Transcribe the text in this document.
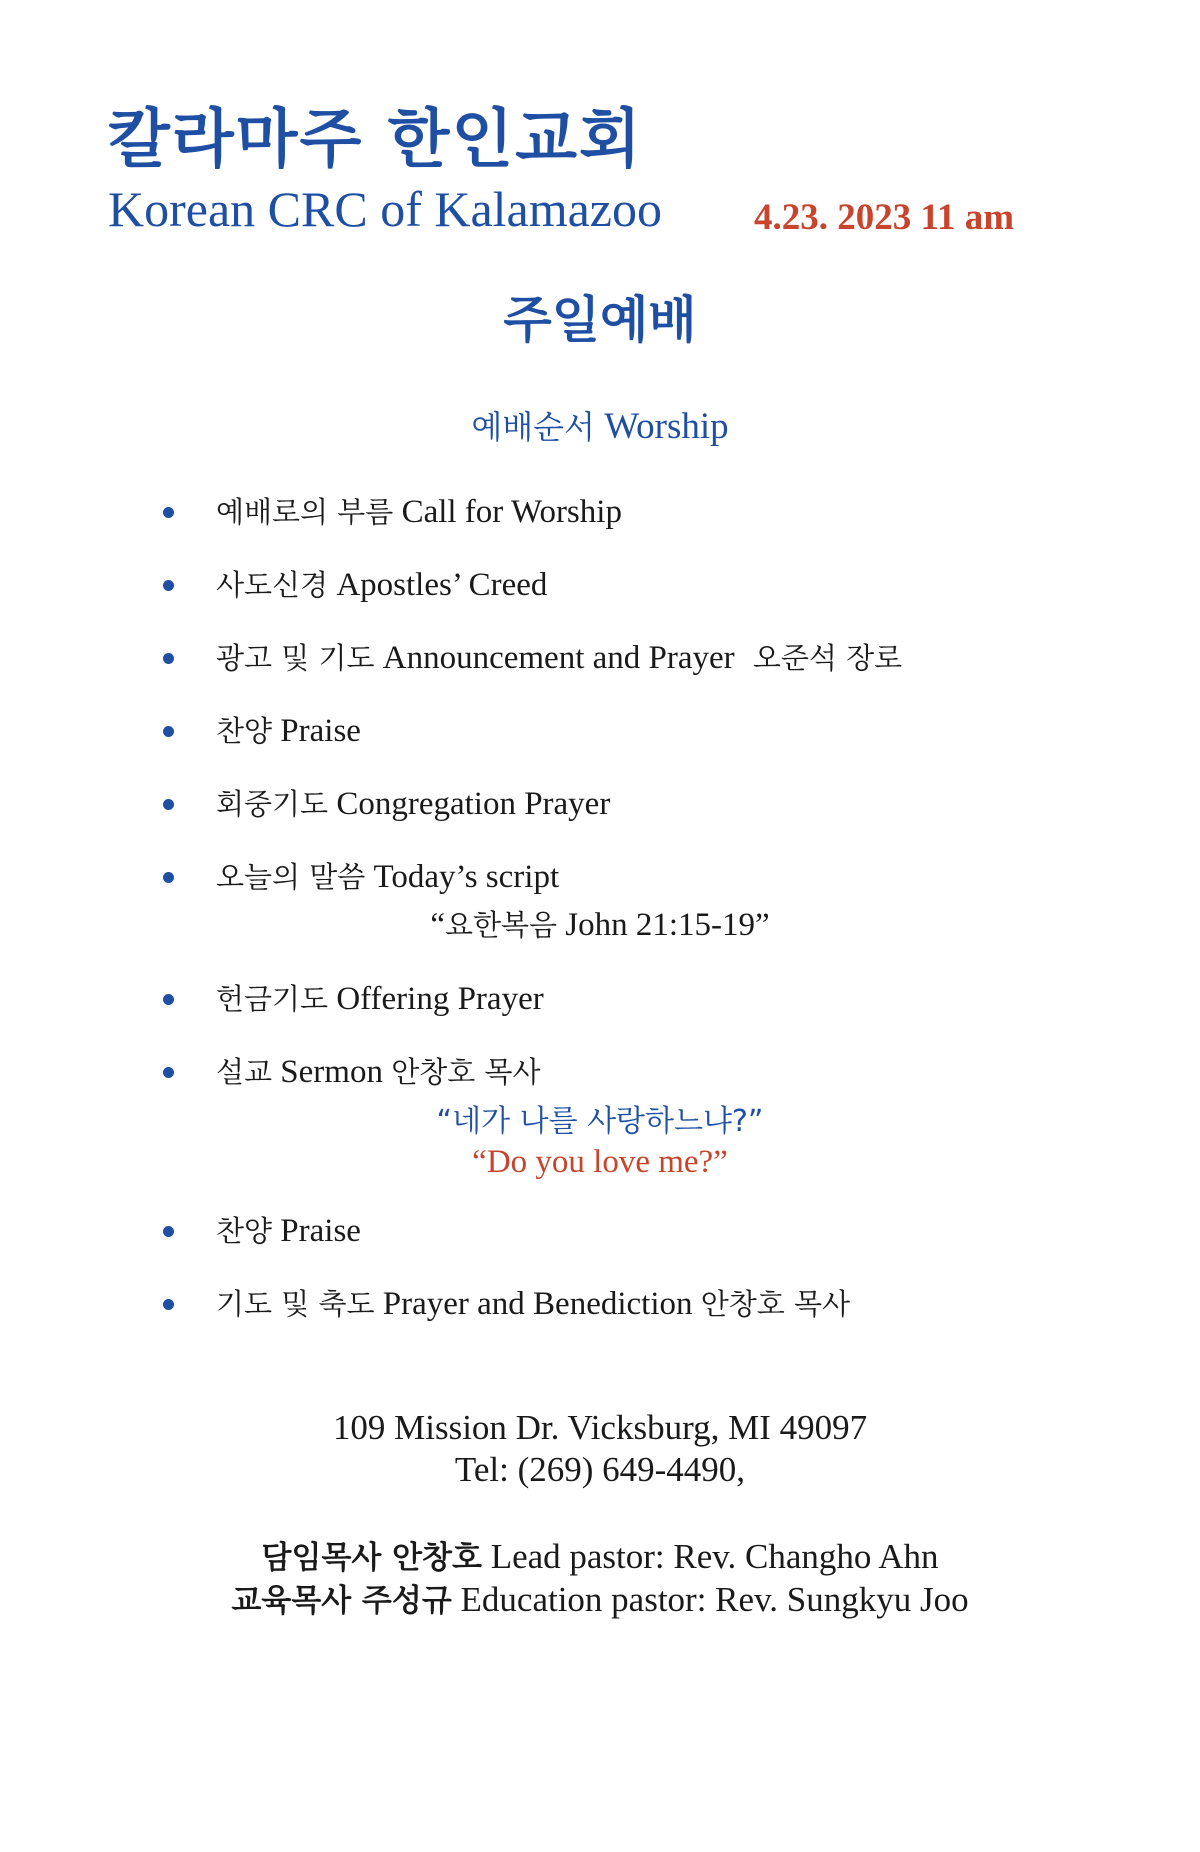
칼라마주 한인교회
Korean CRC of Kalamazoo 4.23. 2023 11 am
주일예배
예배순서 Worship
예배로의 부름 Call for Worship
사도신경 Apostles’ Creed
광고 및 기도 Announcement and Prayer 오준석 장로
찬양 Praise
회중기도 Congregation Prayer
오늘의 말씀 Today’s script
“요한복음 John 21:15-19”
헌금기도 Offering Prayer
설교 Sermon 안창호 목사
“네가 나를 사랑하느냐?”
“Do you love me?”
찬양 Praise
기도 및 축도 Prayer and Benediction 안창호 목사
109 Mission Dr. Vicksburg, MI 49097
Tel: (269) 649-4490,
담임목사 안창호 Lead pastor: Rev. Changho Ahn
교육목사 주성규 Education pastor: Rev. Sungkyu Joo
